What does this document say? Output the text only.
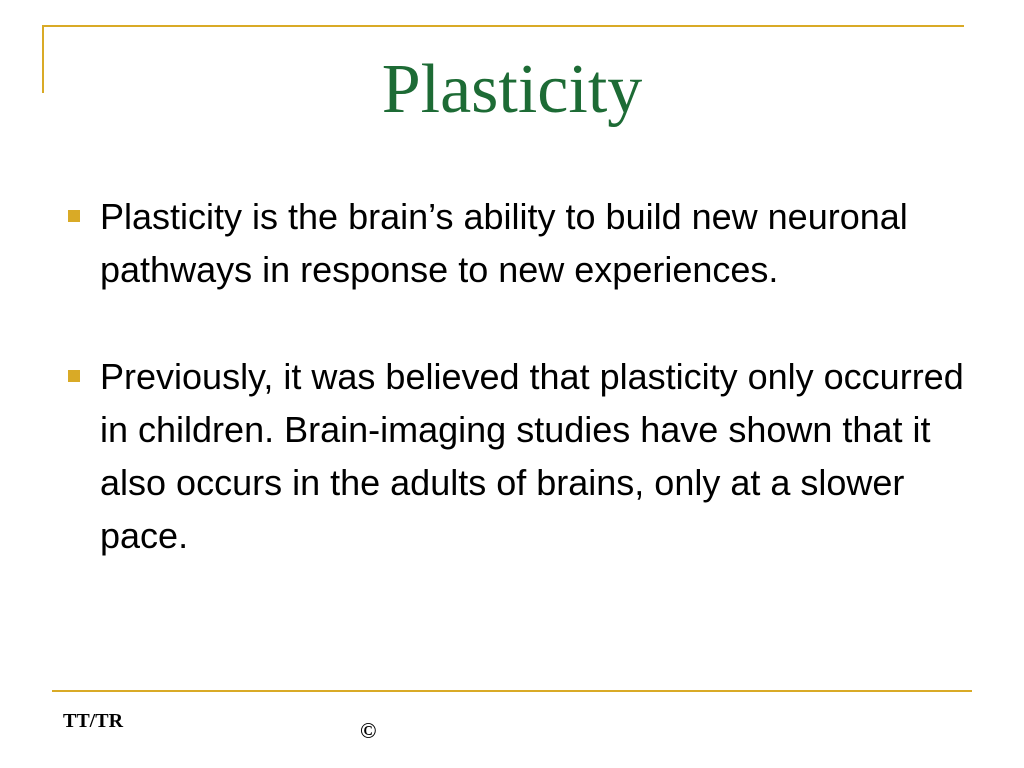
Plasticity
Plasticity is the brain’s ability to build new neuronal pathways in response to new experiences.
Previously, it was believed that plasticity only occurred in children. Brain-imaging studies have shown that it also occurs in the adults of brains, only at a slower pace.
TT/TR	©
